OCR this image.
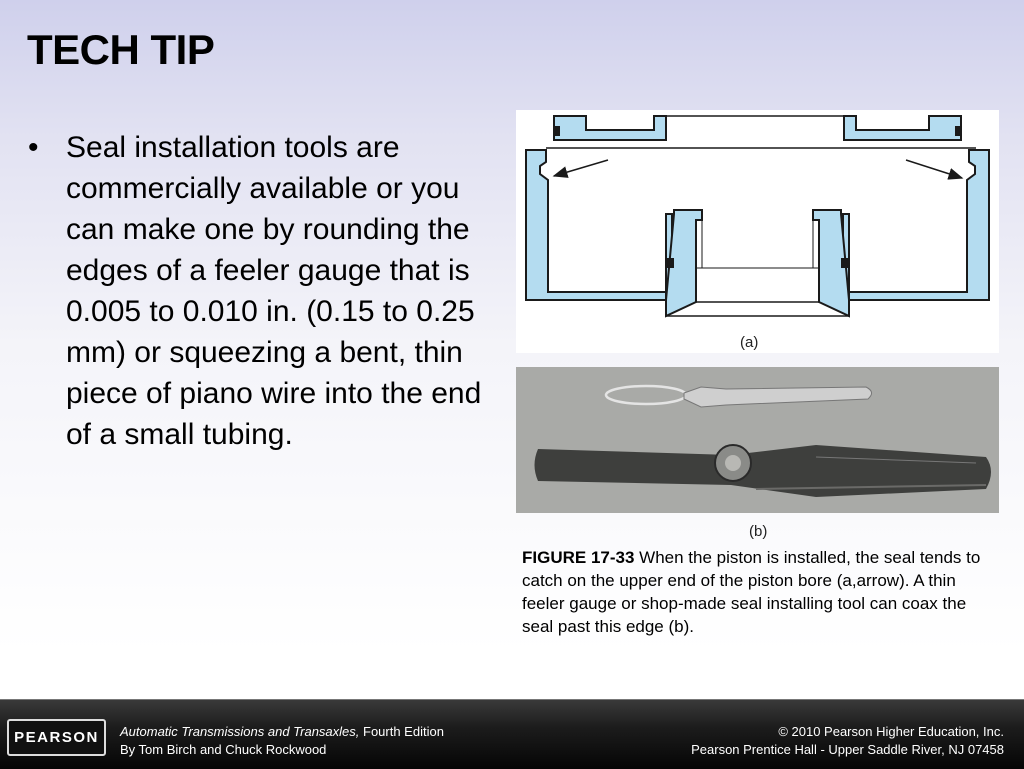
TECH TIP
• Seal installation tools are commercially available or you can make one by rounding the edges of a feeler gauge that is 0.005 to 0.010 in. (0.15 to 0.25 mm) or squeezing a bent, thin piece of piano wire into the end of a small tubing.
(a)
(b)
FIGURE 17-33 When the piston is installed, the seal tends to catch on the upper end of the piston bore (a,arrow). A thin feeler gauge or shop-made seal installing tool can coax the seal past this edge (b).
PEARSON	Automatic Transmissions and Transaxles, Fourth Edition
By Tom Birch and Chuck Rockwood
© 2010 Pearson Higher Education, Inc.
Pearson Prentice Hall - Upper Saddle River, NJ 07458
